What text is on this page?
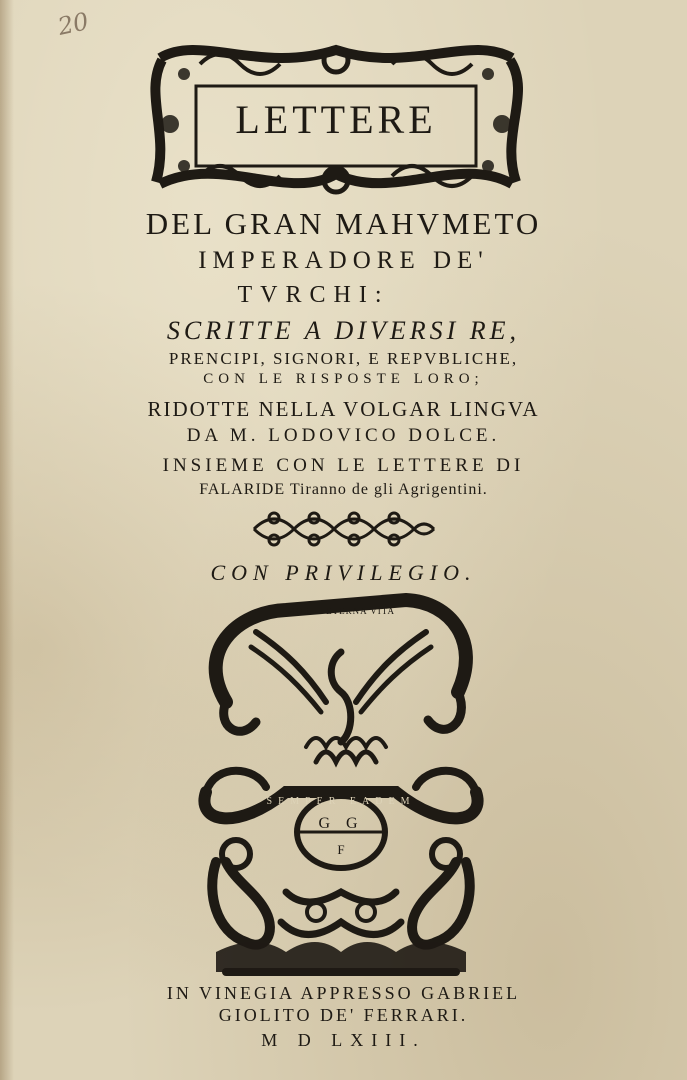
20
LETTERE
DEL GRAN MAHVMETO
IMPERADORE DE'
TVRCHI:
SCRITTE A DIVERSI RE,
PRENCIPI, SIGNORI, E REPVBLICHE,
CON LE RISPOSTE LORO;
RIDOTTE NELLA VOLGAR LINGVA
DA M. LODOVICO DOLCE.
INSIEME CON LE LETTERE DI
FALARIDE Tiranno de gli Agrigentini.
CON PRIVILEGIO.
MORTE ETERNA VITA
SEMPER EADEM
G G
F
IN VINEGIA APPRESSO GABRIEL
GIOLITO DE' FERRARI.
M D LXIII.
